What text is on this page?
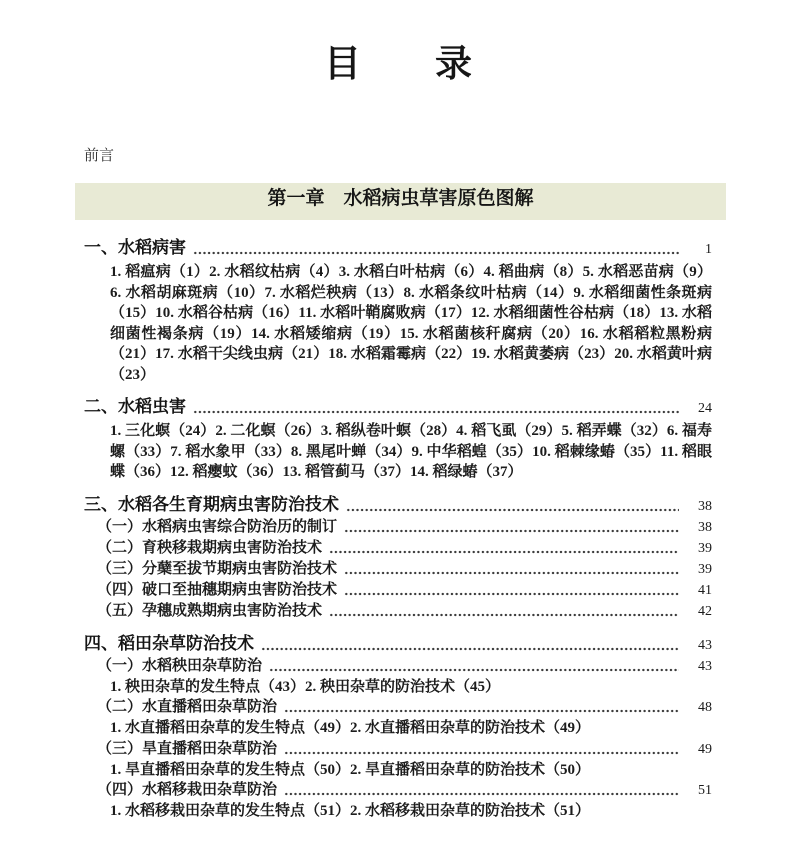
目　　录
前言
第一章　水稻病虫草害原色图解
一、水稻病害	1
1. 稻瘟病（1）2. 水稻纹枯病（4）3. 水稻白叶枯病（6）4. 稻曲病（8）5. 水稻恶苗病（9）6. 水稻胡麻斑病（10）7. 水稻烂秧病（13）8. 水稻条纹叶枯病（14）9. 水稻细菌性条斑病（15）10. 水稻谷枯病（16）11. 水稻叶鞘腐败病（17）12. 水稻细菌性谷枯病（18）13. 水稻细菌性褐条病（19）14. 水稻矮缩病（19）15. 水稻菌核秆腐病（20）16. 水稻稻粒黑粉病（21）17. 水稻干尖线虫病（21）18. 水稻霜霉病（22）19. 水稻黄萎病（23）20. 水稻黄叶病（23）
二、水稻虫害	24
1. 三化螟（24）2. 二化螟（26）3. 稻纵卷叶螟（28）4. 稻飞虱（29）5. 稻弄蝶（32）6. 福寿螺（33）7. 稻水象甲（33）8. 黑尾叶蝉（34）9. 中华稻蝗（35）10. 稻棘缘蝽（35）11. 稻眼蝶（36）12. 稻瘿蚊（36）13. 稻管蓟马（37）14. 稻绿蝽（37）
三、水稻各生育期病虫害防治技术	38
（一）水稻病虫害综合防治历的制订	38
（二）育秧移栽期病虫害防治技术	39
（三）分蘖至拔节期病虫害防治技术	39
（四）破口至抽穗期病虫害防治技术	41
（五）孕穗成熟期病虫害防治技术	42
四、稻田杂草防治技术	43
（一）水稻秧田杂草防治	43
1. 秧田杂草的发生特点（43）2. 秧田杂草的防治技术（45）
（二）水直播稻田杂草防治	48
1. 水直播稻田杂草的发生特点（49）2. 水直播稻田杂草的防治技术（49）
（三）旱直播稻田杂草防治	49
1. 旱直播稻田杂草的发生特点（50）2. 旱直播稻田杂草的防治技术（50）
（四）水稻移栽田杂草防治	51
1. 水稻移栽田杂草的发生特点（51）2. 水稻移栽田杂草的防治技术（51）
